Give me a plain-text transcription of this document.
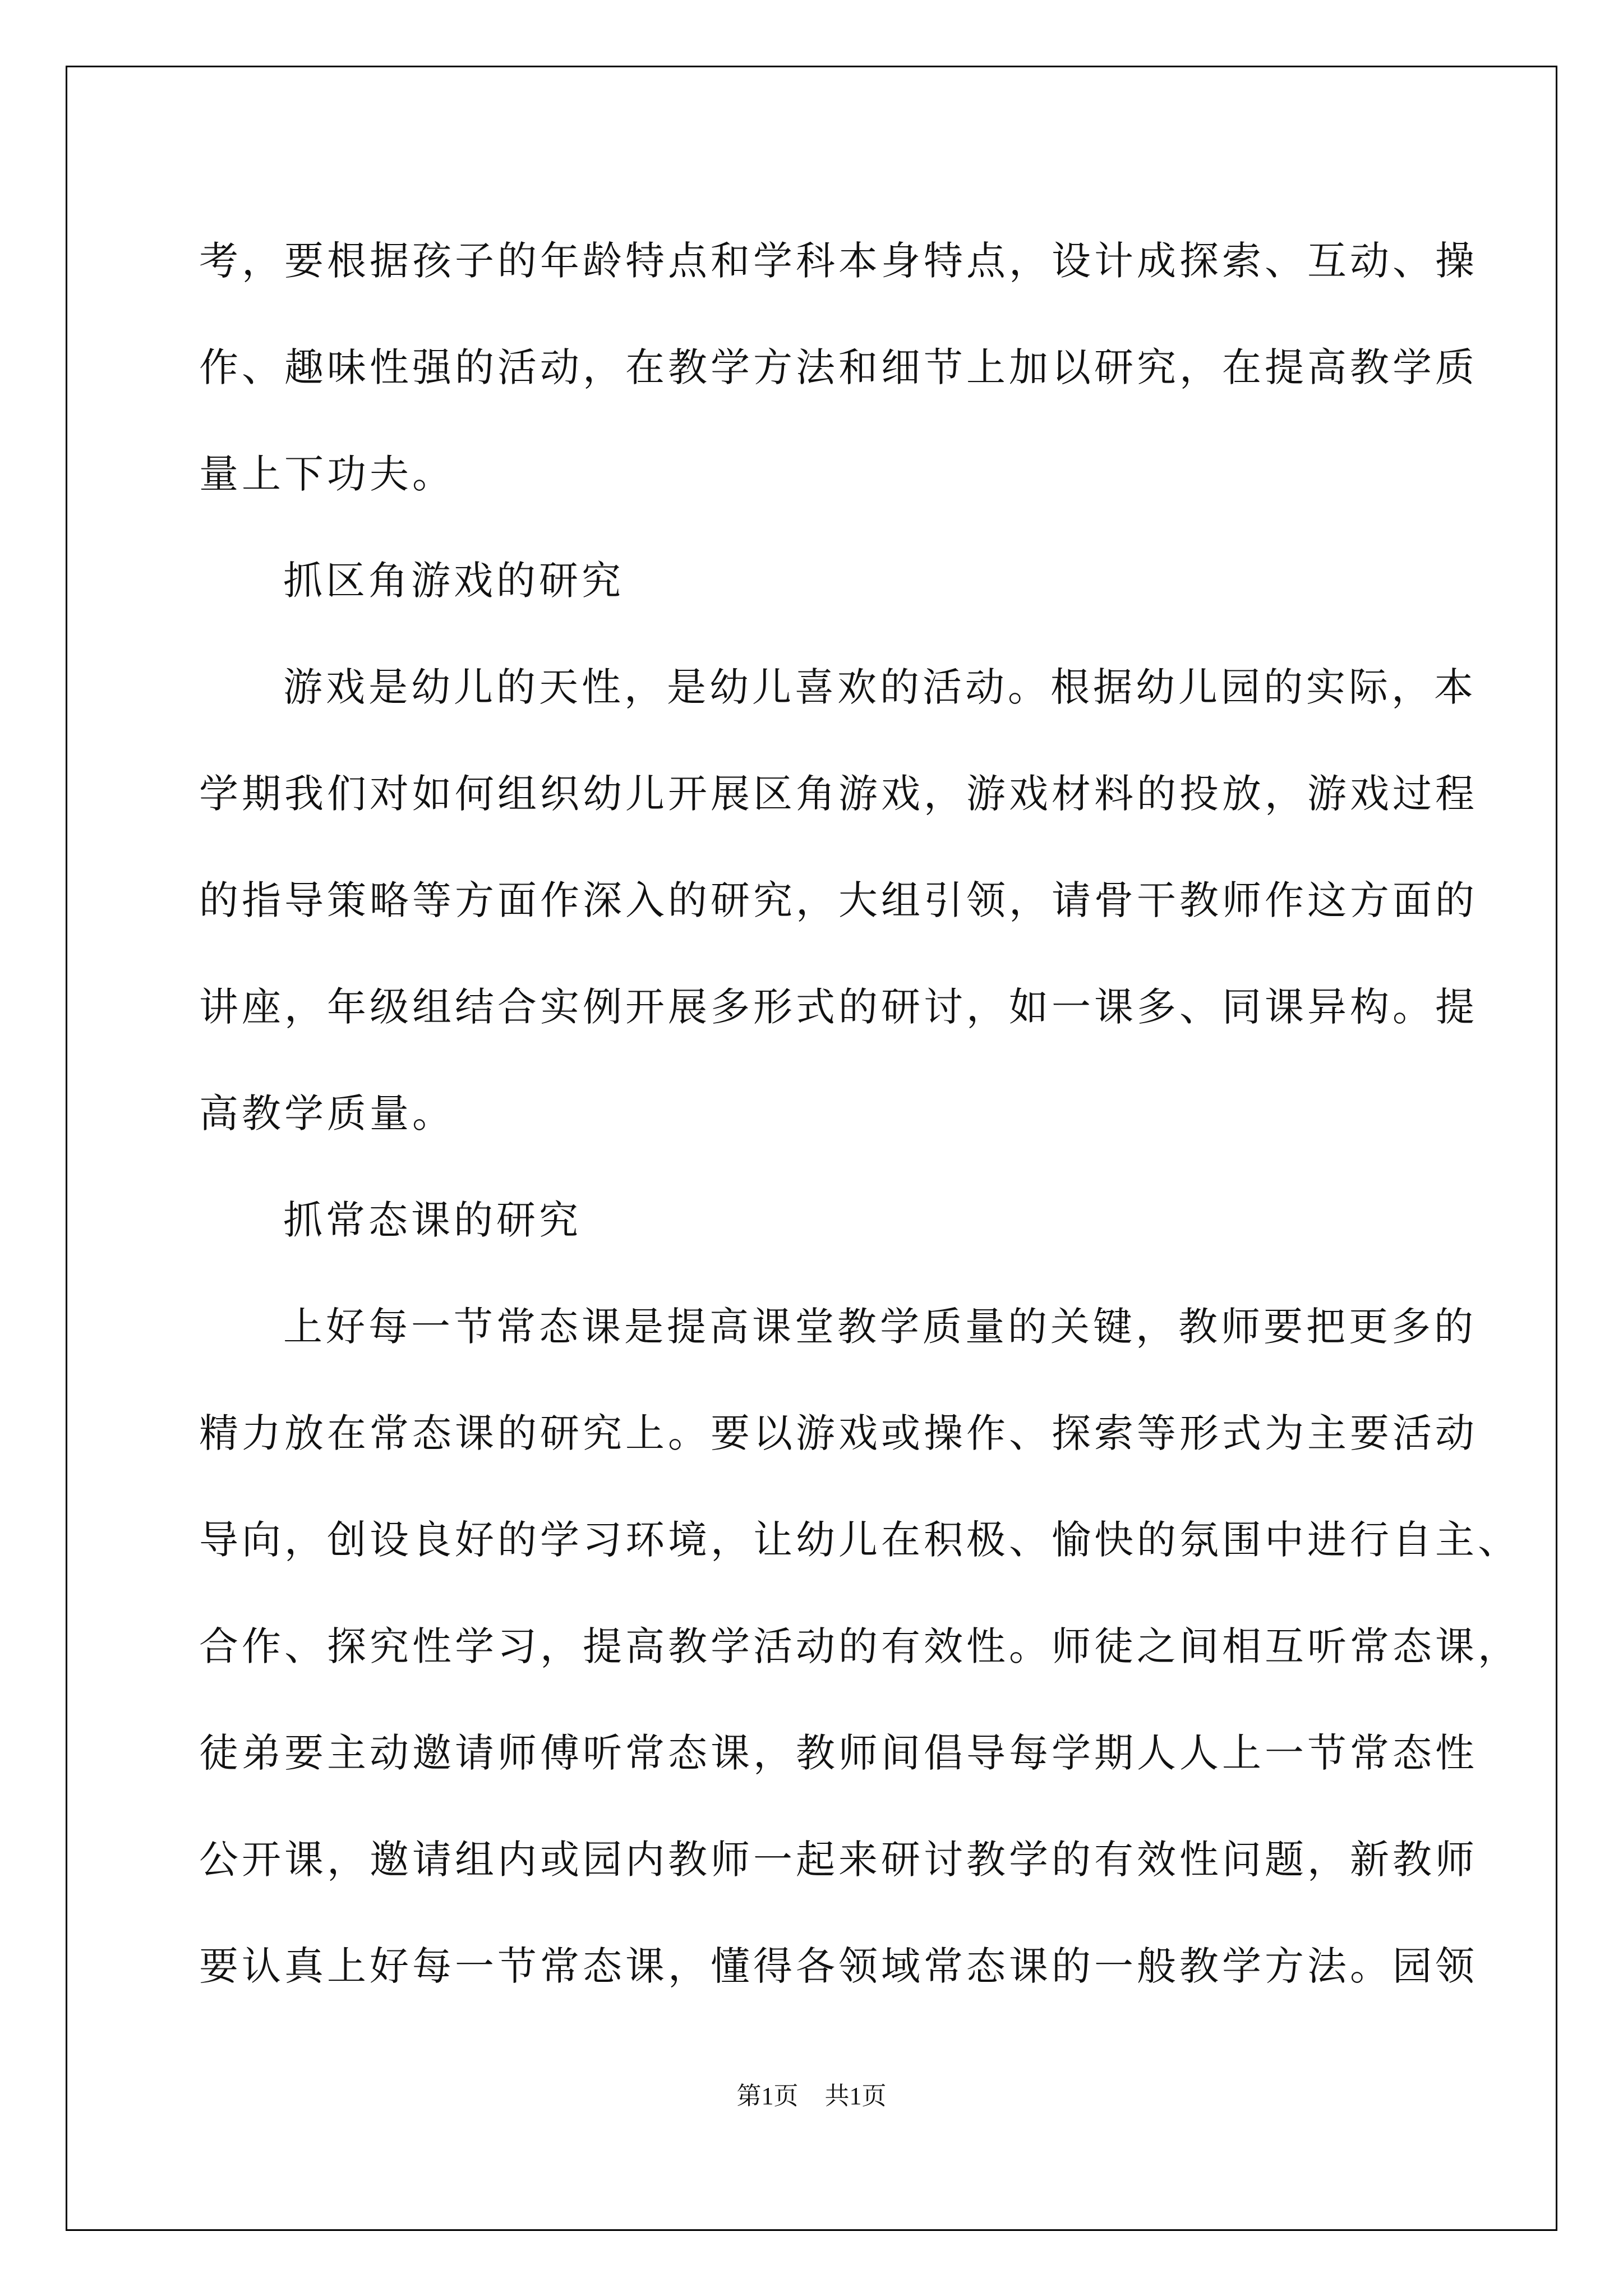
考，要根据孩子的年龄特点和学科本身特点，设计成探索、互动、操
作、趣味性强的活动，在教学方法和细节上加以研究，在提高教学质
量上下功夫。
抓区角游戏的研究
游戏是幼儿的天性，是幼儿喜欢的活动。根据幼儿园的实际，本
学期我们对如何组织幼儿开展区角游戏，游戏材料的投放，游戏过程
的指导策略等方面作深入的研究，大组引领，请骨干教师作这方面的
讲座，年级组结合实例开展多形式的研讨，如一课多、同课异构。提
高教学质量。
抓常态课的研究
上好每一节常态课是提高课堂教学质量的关键，教师要把更多的
精力放在常态课的研究上。要以游戏或操作、探索等形式为主要活动
导向，创设良好的学习环境，让幼儿在积极、愉快的氛围中进行自主、
合作、探究性学习，提高教学活动的有效性。师徒之间相互听常态课，
徒弟要主动邀请师傅听常态课，教师间倡导每学期人人上一节常态性
公开课，邀请组内或园内教师一起来研讨教学的有效性问题，新教师
要认真上好每一节常态课，懂得各领域常态课的一般教学方法。园领
第1页 共1页
